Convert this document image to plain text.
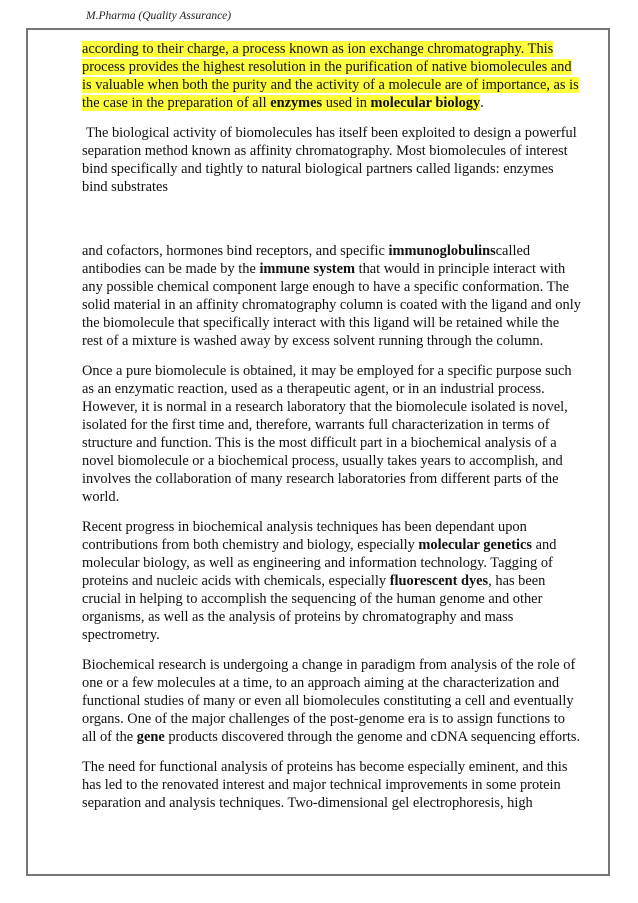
M.Pharma (Quality Assurance)

according to their charge, a process known as ion exchange chromatography. This process provides the highest resolution in the purification of native biomolecules and is valuable when both the purity and the activity of a molecule are of importance, as is the case in the preparation of all enzymes used in molecular biology.

The biological activity of biomolecules has itself been exploited to design a powerful separation method known as affinity chromatography. Most biomolecules of interest bind specifically and tightly to natural biological partners called ligands: enzymes bind substrates

and cofactors, hormones bind receptors, and specific immunoglobulinscalled antibodies can be made by the immune system that would in principle interact with any possible chemical component large enough to have a specific conformation. The solid material in an affinity chromatography column is coated with the ligand and only the biomolecule that specifically interact with this ligand will be retained while the rest of a mixture is washed away by excess solvent running through the column.

Once a pure biomolecule is obtained, it may be employed for a specific purpose such as an enzymatic reaction, used as a therapeutic agent, or in an industrial process. However, it is normal in a research laboratory that the biomolecule isolated is novel, isolated for the first time and, therefore, warrants full characterization in terms of structure and function. This is the most difficult part in a biochemical analysis of a novel biomolecule or a biochemical process, usually takes years to accomplish, and involves the collaboration of many research laboratories from different parts of the world.

Recent progress in biochemical analysis techniques has been dependant upon contributions from both chemistry and biology, especially molecular genetics and molecular biology, as well as engineering and information technology. Tagging of proteins and nucleic acids with chemicals, especially fluorescent dyes, has been crucial in helping to accomplish the sequencing of the human genome and other organisms, as well as the analysis of proteins by chromatography and mass spectrometry.

Biochemical research is undergoing a change in paradigm from analysis of the role of one or a few molecules at a time, to an approach aiming at the characterization and functional studies of many or even all biomolecules constituting a cell and eventually organs. One of the major challenges of the post-genome era is to assign functions to all of the gene products discovered through the genome and cDNA sequencing efforts.

The need for functional analysis of proteins has become especially eminent, and this has led to the renovated interest and major technical improvements in some protein separation and analysis techniques. Two-dimensional gel electrophoresis, high
